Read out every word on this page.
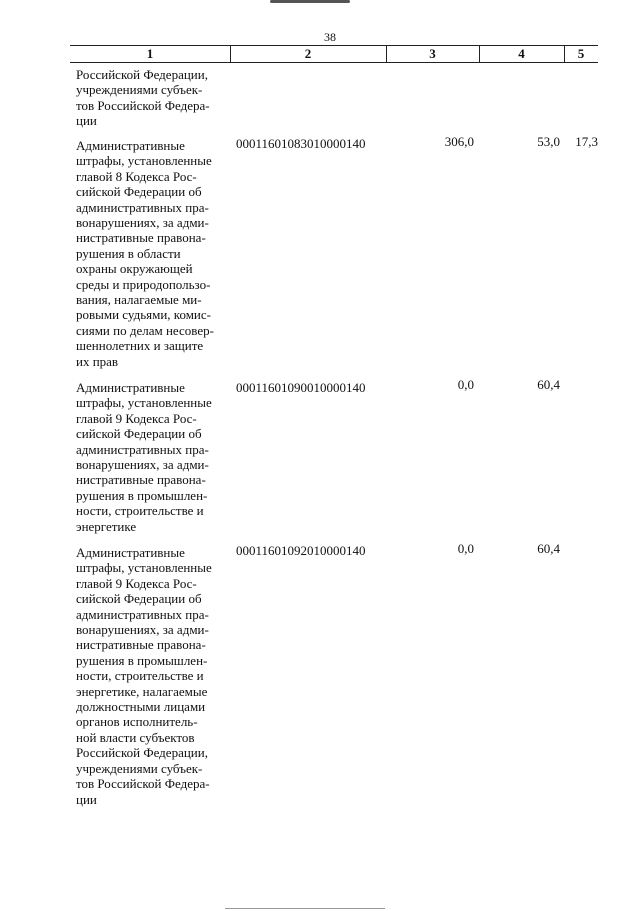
38
1	2	3	4	5
Российской Федерации,
учреждениями субъек-
тов Российской Федера-
ции
Административные
штрафы, установленные
главой 8 Кодекса Рос-
сийской Федерации об
административных пра-
вонарушениях, за адми-
нистративные правона-
рушения в области
охраны окружающей
среды и природопользо-
вания, налагаемые ми-
ровыми судьями, комис-
сиями по делам несовер-
шеннолетних и защите
их прав
00011601083010000140	306,0	53,0	17,3
Административные
штрафы, установленные
главой 9 Кодекса Рос-
сийской Федерации об
административных пра-
вонарушениях, за адми-
нистративные правона-
рушения в промышлен-
ности, строительстве и
энергетике
00011601090010000140	0,0	60,4
Административные
штрафы, установленные
главой 9 Кодекса Рос-
сийской Федерации об
административных пра-
вонарушениях, за адми-
нистративные правона-
рушения в промышлен-
ности, строительстве и
энергетике, налагаемые
должностными лицами
органов исполнитель-
ной власти субъектов
Российской Федерации,
учреждениями субъек-
тов Российской Федера-
ции
00011601092010000140	0,0	60,4
